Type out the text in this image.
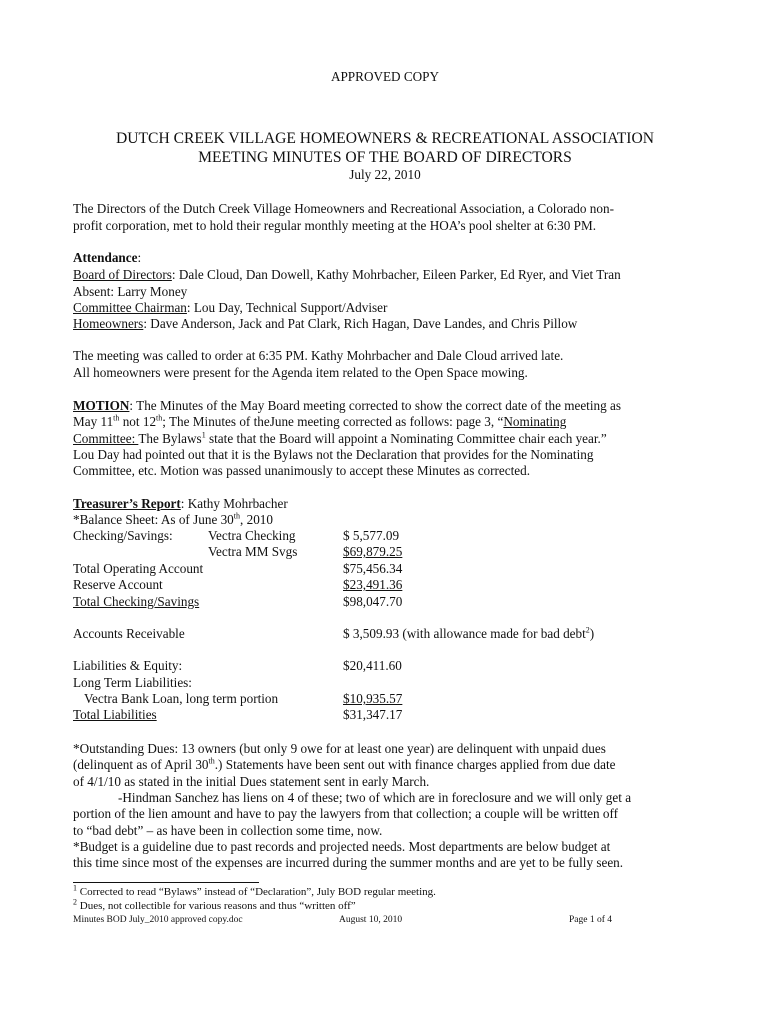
APPROVED COPY
DUTCH CREEK VILLAGE HOMEOWNERS & RECREATIONAL ASSOCIATION
MEETING MINUTES OF THE BOARD OF DIRECTORS
July 22, 2010
The Directors of the Dutch Creek Village Homeowners and Recreational Association, a Colorado non-
profit corporation, met to hold their regular monthly meeting at the HOA’s pool shelter at 6:30 PM.
Attendance:
Board of Directors: Dale Cloud, Dan Dowell, Kathy Mohrbacher, Eileen Parker, Ed Ryer, and Viet Tran
Absent: Larry Money
Committee Chairman: Lou Day, Technical Support/Adviser
Homeowners: Dave Anderson, Jack and Pat Clark, Rich Hagan, Dave Landes, and Chris Pillow
The meeting was called to order at 6:35 PM. Kathy Mohrbacher and Dale Cloud arrived late.
All homeowners were present for the Agenda item related to the Open Space mowing.
MOTION: The Minutes of the May Board meeting corrected to show the correct date of the meeting as
May 11th not 12th; The Minutes of theJune meeting corrected as follows: page 3, “Nominating
Committee: The Bylaws$^1$ state that the Board will appoint a Nominating Committee chair each year.”
Lou Day had pointed out that it is the Bylaws not the Declaration that provides for the Nominating
Committee, etc. Motion was passed unanimously to accept these Minutes as corrected.
Treasurer’s Report: Kathy Mohrbacher
*Balance Sheet: As of June 30th, 2010
Checking/Savings:	Vectra Checking	$ 5,577.09
Vectra MM Svgs	$69,879.25
Total Operating Account	$75,456.34
Reserve Account	$23,491.36
Total Checking/Savings	$98,047.70
Accounts Receivable	$ 3,509.93 (with allowance made for bad debt$^2$)
Liabilities & Equity:	$20,411.60
Long Term Liabilities:
Vectra Bank Loan, long term portion	$10,935.57
Total Liabilities	$31,347.17
*Outstanding Dues: 13 owners (but only 9 owe for at least one year) are delinquent with unpaid dues
(delinquent as of April 30th.) Statements have been sent out with finance charges applied from due date
of 4/1/10 as stated in the initial Dues statement sent in early March.
-Hindman Sanchez has liens on 4 of these; two of which are in foreclosure and we will only get a
portion of the lien amount and have to pay the lawyers from that collection; a couple will be written off
to “bad debt” – as have been in collection some time, now.
*Budget is a guideline due to past records and projected needs. Most departments are below budget at
this time since most of the expenses are incurred during the summer months and are yet to be fully seen.
$^1$ Corrected to read “Bylaws” instead of “Declaration”, July BOD regular meeting.
$^2$ Dues, not collectible for various reasons and thus “written off”
Minutes BOD July_2010 approved copy.doc	August 10, 2010	Page 1 of 4
